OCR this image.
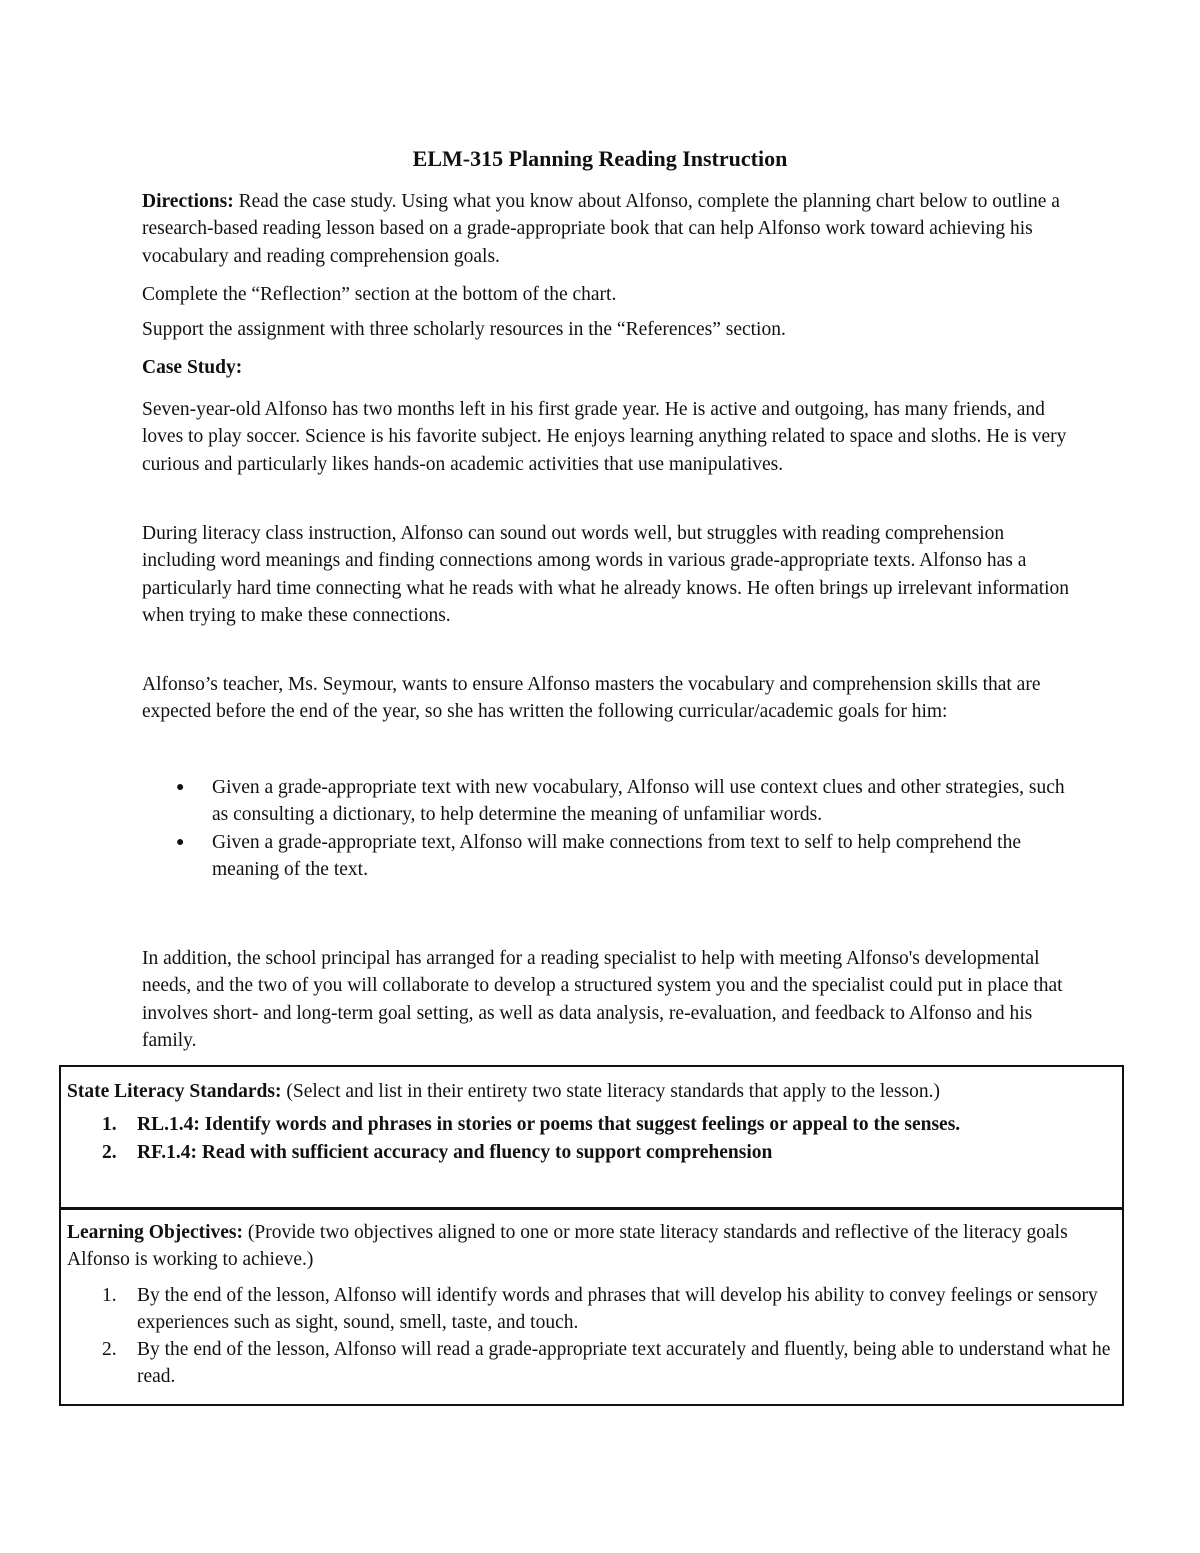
ELM-315 Planning Reading Instruction

Directions: Read the case study. Using what you know about Alfonso, complete the planning chart below to outline a research-based reading lesson based on a grade-appropriate book that can help Alfonso work toward achieving his vocabulary and reading comprehension goals.

Complete the “Reflection” section at the bottom of the chart.
Support the assignment with three scholarly resources in the “References” section.
Case Study:
Seven-year-old Alfonso has two months left in his first grade year. He is active and outgoing, has many friends, and loves to play soccer. Science is his favorite subject. He enjoys learning anything related to space and sloths. He is very curious and particularly likes hands-on academic activities that use manipulatives.
During literacy class instruction, Alfonso can sound out words well, but struggles with reading comprehension including word meanings and finding connections among words in various grade-appropriate texts. Alfonso has a particularly hard time connecting what he reads with what he already knows. He often brings up irrelevant information when trying to make these connections.
Alfonso’s teacher, Ms. Seymour, wants to ensure Alfonso masters the vocabulary and comprehension skills that are expected before the end of the year, so she has written the following curricular/academic goals for him:

● Given a grade-appropriate text with new vocabulary, Alfonso will use context clues and other strategies, such as consulting a dictionary, to help determine the meaning of unfamiliar words.

● Given a grade-appropriate text, Alfonso will make connections from text to self to help comprehend the meaning of the text.

In addition, the school principal has arranged for a reading specialist to help with meeting Alfonso's developmental needs, and the two of you will collaborate to develop a structured system you and the specialist could put in place that involves short- and long-term goal setting, as well as data analysis, re-evaluation, and feedback to Alfonso and his family.

State Literacy Standards: (Select and list in their entirety two state literacy standards that apply to the lesson.)

1. RL.1.4: Identify words and phrases in stories or poems that suggest feelings or appeal to the senses.
2. RF.1.4: Read with sufficient accuracy and fluency to support comprehension

Learning Objectives: (Provide two objectives aligned to one or more state literacy standards and reflective of the literacy goals Alfonso is working to achieve.)

1. By the end of the lesson, Alfonso will identify words and phrases that will develop his ability to convey feelings or sensory experiences such as sight, sound, smell, taste, and touch.
2. By the end of the lesson, Alfonso will read a grade-appropriate text accurately and fluently, being able to understand what he read.
